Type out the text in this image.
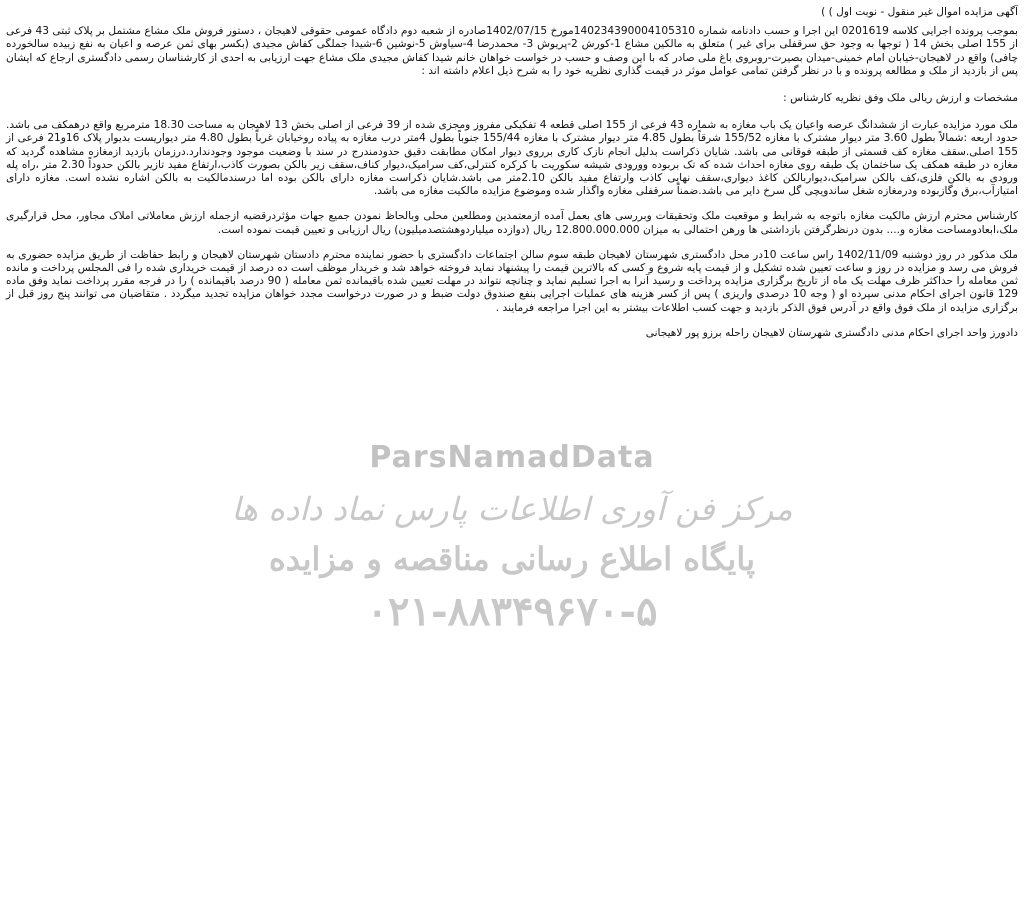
آگهی مزایده اموال غیر منقول - نوبت اول ) )

بموجب پرونده اجرایی کلاسه 0201619 این اجرا و حسب دادنامه شماره 140234390004105310مورخ 1402/07/15صادره از شعبه دوم دادگاه عمومی حقوقی لاهیجان ، دستور فروش ملک مشاع مشتمل بر پلاک ثبتی 43 فرعی از 155 اصلی بخش 14 ( توجها به وجود حق سرقفلی برای غیر ) متعلق به مالکین مشاع 1-کورش 2-پریوش 3- محمدرضا 4-سیاوش 5-نوشین 6-شیدا جملگی کفاش مجیدی (بکسر بهای ثمن عرصه و اعیان به نفع زبیده سالخورده چافی) واقع در لاهیجان-خیابان امام خمینی-میدان بصیرت-روبروی باغ ملی صادر که با این وصف و حسب در خواست خواهان خانم شیدا کفاش مجیدی ملک مشاع جهت ارزیابی به احدی از کارشناسان رسمی دادگستری ارجاع که ایشان پس از بازدید از ملک و مطالعه پرونده و با در نظر گرفتن تمامی عوامل موثر در قیمت گذاری نظریه خود را به شرح ذیل اعلام داشته اند :

مشخصات و ارزش ریالی ملک وفق نظریه کارشناس :

ملک مورد مزایده عبارت از ششدانگ عرصه واعیان یک باب مغازه به شماره 43 فرعی از 155 اصلی قطعه 4 تفکیکی مفروز ومجزی شده از 39 فرعی از اصلی بخش 13 لاهیجان به مساحت 18.30 مترمربع واقع درهمکف می باشد. حدود اربعه :شمالاً بطول 3.60 متر دیوار مشترک با مغازه 155/52 شرقاً بطول 4.85 متر دیوار مشترک با مغازه 155/44 جنوباً بطول 4متر درب مغازه به پیاده روخیابان غرباً بطول 4.80 متر دیواریست بدیوار پلاک 16و21 فرعی از 155 اصلی.سقف مغازه کف قسمتی از طبقه فوقانی می باشد. شایان ذکراست بدلیل انجام نازک کاری برروی دیوار امکان مطابقت دقیق حدودمندرج در سند با وضعیت موجود وجودندارد.درزمان بازدید ازمغازه مشاهده گردید که مغازه در طبقه همکف یک ساختمان یک طبقه روی مغازه احداث شده که تک بربوده وورودی شیشه سکوریت با کرکره کنترلی،کف سرامیک،دیوار کناف،سقف زیر بالکن بصورت کاذب،ارتفاع مفید تازیر بالکن حدوداً 2.30 متر ،راه پله ورودی به بالکن فلزی،کف بالکن سرامیک،دیواربالکن کاغذ دیواری،سقف نهایی کاذب وارتفاع مفید بالکن 2.10متر می باشد.شایان ذکراست مغازه دارای بالکن بوده اما درسندمالکیت به بالکن اشاره نشده است. مغازه دارای امتیازآب،برق وگازبوده ودرمغازه شغل ساندویچی گل سرخ دایر می باشد.ضمناً سرقفلی مغازه واگذار شده وموضوع مزایده مالکیت مغازه می باشد.

کارشناس محترم ارزش مالکیت مغازه باتوجه به شرایط و موقعیت ملک وتحقیقات وبررسی های بعمل آمده ازمعتمدین ومطلعین محلی وبالحاظ نمودن جمیع جهات مؤثردرقضیه ازجمله ارزش معاملاتی املاک مجاور، محل قرارگیری ملک،ابعادومساحت مغازه و.... بدون درنظرگرفتن بازداشتی ها ورهن احتمالی به میزان 12.800.000.000 ریال (دوازده میلیاردوهشتصدمیلیون) ریال ارزیابی و تعیین قیمت نموده است.

ملک مذکور در روز دوشنبه 1402/11/09 راس ساعت 10در محل دادگستری شهرستان لاهیجان طبقه سوم سالن اجتماعات دادگستری با حضور نماینده محترم دادستان شهرستان لاهیجان و رابط حفاظت از طریق مزایده حضوری به فروش می رسد و مزایده در روز و ساعت تعیین شده تشکیل و از قیمت پایه شروع و کسی که بالاترین قیمت را پیشنهاد نماید فروخته خواهد شد و خریدار موظف است ده درصد از قیمت خریداری شده را فی المجلس پرداخت و مانده ثمن معامله را حداکثر ظرف مهلت یک ماه از تاریخ برگزاری مزایده پرداخت و رسید آنرا به اجرا تسلیم نماید و چنانچه نتواند در مهلت تعیین شده باقیمانده ثمن معامله ( 90 درصد باقیمانده ) را در فرجه مقرر پرداخت نماید وفق ماده 129 قانون اجرای احکام مدنی سپرده او ( وجه 10 درصدی واریزی ) پس از کسر هزینه های عملیات اجرایی بنفع صندوق دولت ضبط و در صورت درخواست مجدد خواهان مزایده تجدید میگردد . متقاضیان می توانند پنج روز قبل از برگزاری مزایده از ملک فوق واقع در آدرس فوق الذکر بازدید و جهت کسب اطلاعات بیشتر به این اجرا مراجعه فرمایند .

دادورز واحد اجرای احکام مدنی دادگستری شهرستان لاهیجان راحله برزو پور لاهیجانی

ParsNamadData
مرکز فن آوری اطلاعات پارس نماد داده ها
پایگاه اطلاع رسانی مناقصه و مزایده
۰۲۱-۸۸۳۴۹۶۷۰-۵
